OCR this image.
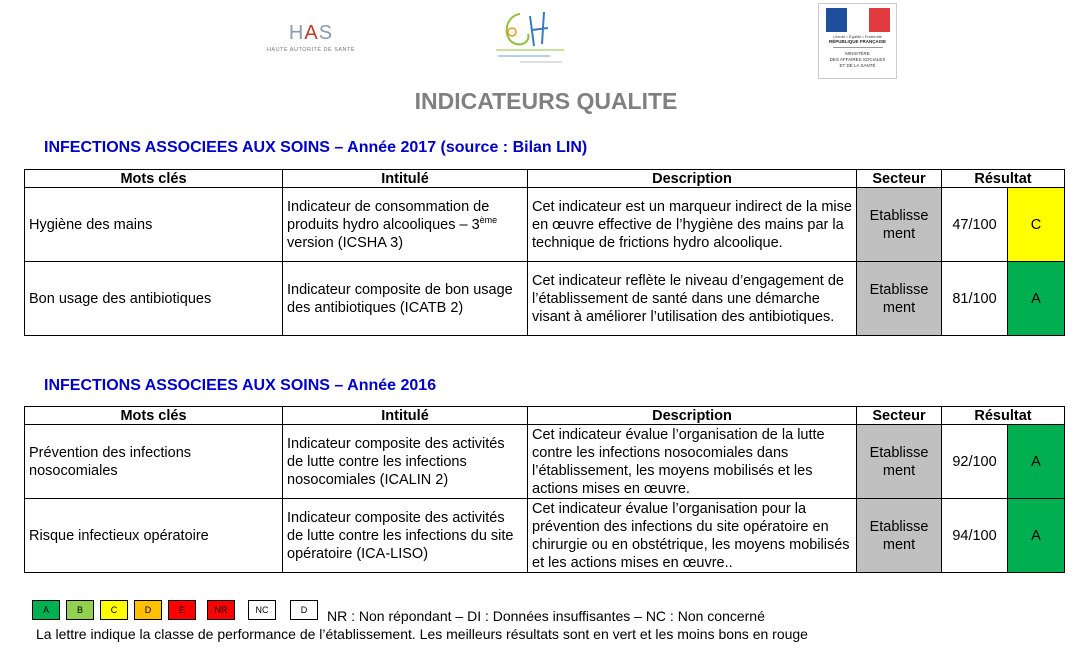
HAS
HAUTE AUTORITÉ DE SANTÉ
Liberté • Égalité • Fraternité
RÉPUBLIQUE FRANÇAISE
MINISTÈRE
DES AFFAIRES SOCIALES
ET DE LA SANTÉ
INDICATEURS QUALITE
INFECTIONS ASSOCIEES AUX SOINS – Année 2017 (source : Bilan LIN)
Mots clés	Intitulé	Description	Secteur	Résultat	
Hygiène des mains	Indicateur de consommation de produits hydro alcooliques – 3ème version (ICSHA 3)	Cet indicateur est un marqueur indirect de la mise en œuvre effective de l’hygiène des mains par la technique de frictions hydro alcoolique.	Etablisse ment	47/100	C
Bon usage des antibiotiques	Indicateur composite de bon usage des antibiotiques (ICATB 2)	Cet indicateur reflète le niveau d’engagement de l’établissement de santé dans une démarche visant à améliorer l’utilisation des antibiotiques.	Etablisse ment	81/100	A
INFECTIONS ASSOCIEES AUX SOINS – Année 2016
Mots clés	Intitulé	Description	Secteur	Résultat	
Prévention des infections nosocomiales	Indicateur composite des activités de lutte contre les infections nosocomiales (ICALIN 2)	Cet indicateur évalue l’organisation de la lutte contre les infections nosocomiales dans l’établissement, les moyens mobilisés et les actions mises en œuvre.	Etablisse ment	92/100	A
Risque infectieux opératoire	Indicateur composite des activités de lutte contre les infections du site opératoire (ICA-LISO)	Cet indicateur évalue l’organisation pour la prévention des infections du site opératoire en chirurgie ou en obstétrique, les moyens mobilisés et les actions mises en œuvre..	Etablisse ment	94/100	A
A	B	C	D	E	NR	NC	D	NR : Non répondant – DI : Données insuffisantes – NC : Non concerné
La lettre indique la classe de performance de l’établissement. Les meilleurs résultats sont en vert et les moins bons en rouge
